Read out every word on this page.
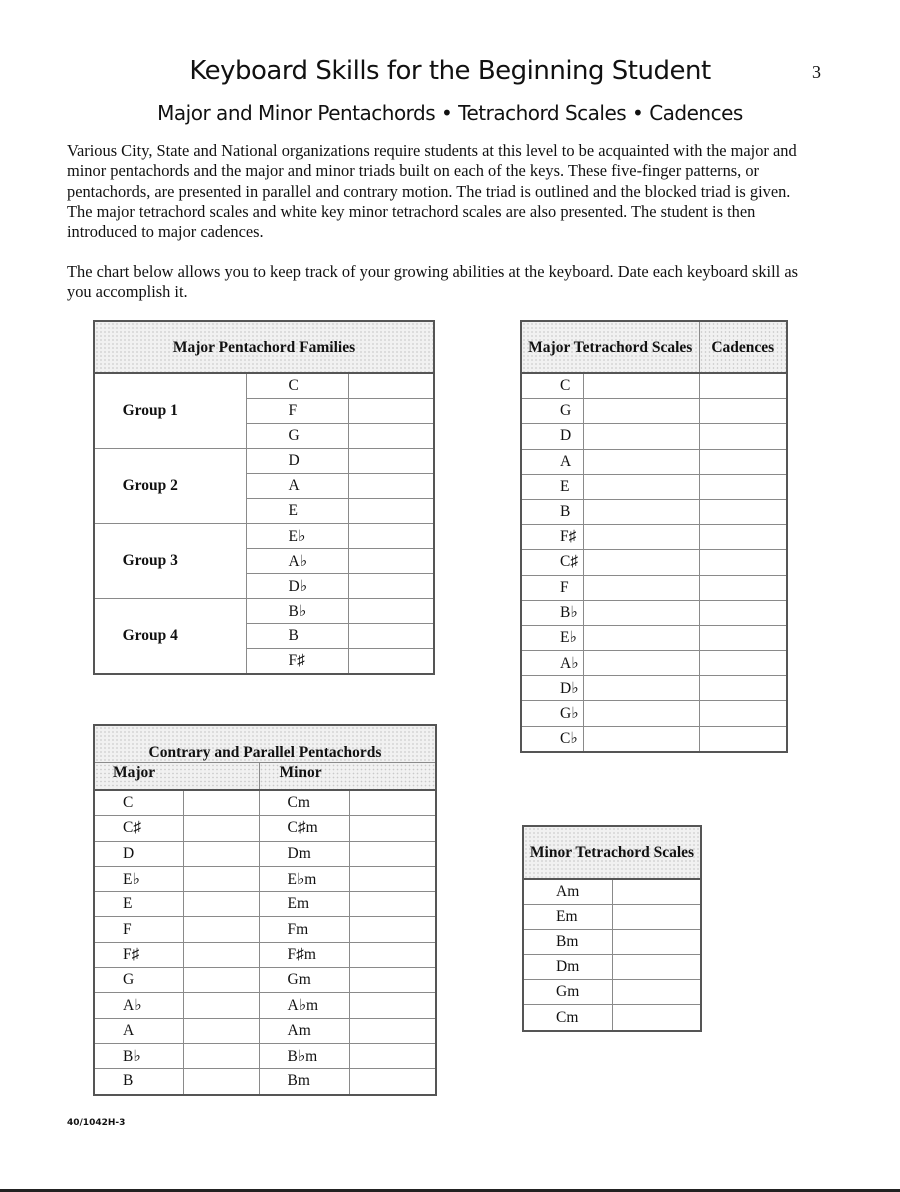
Keyboard Skills for the Beginning Student	3
Major and Minor Pentachords • Tetrachord Scales • Cadences

Various City, State and National organizations require students at this level to be acquainted with the major and minor pentachords and the major and minor triads built on each of the keys. These five-finger patterns, or pentachords, are presented in parallel and contrary motion. The triad is outlined and the blocked triad is given. The major tetrachord scales and white key minor tetrachord scales are also presented. The student is then introduced to major cadences.

The chart below allows you to keep track of your growing abilities at the keyboard. Date each keyboard skill as you accomplish it.

Major Pentachord Families		
Group 1	C	
	F	
	G	
Group 2	D	
	A	
	E	
Group 3	E♭	
	A♭	
	D♭	
Group 4	B♭	
	B	
	F♯	
Major Tetrachord Scales		Cadences
C		
G		
D		
A		
E		
B		
F♯		
C♯		
F		
B♭		
E♭		
A♭		
D♭		
G♭		
C♭		
Contrary and Parallel Pentachords			
Major		Minor	
C		Cm	
C♯		C♯m	
D		Dm	
E♭		E♭m	
E		Em	
F		Fm	
F♯		F♯m	
G		Gm	
A♭		A♭m	
A		Am	
B♭		B♭m	
B		Bm	
Minor Tetrachord Scales	
Am	
Em	
Bm	
Dm	
Gm	
Cm	
40/1042H-3
